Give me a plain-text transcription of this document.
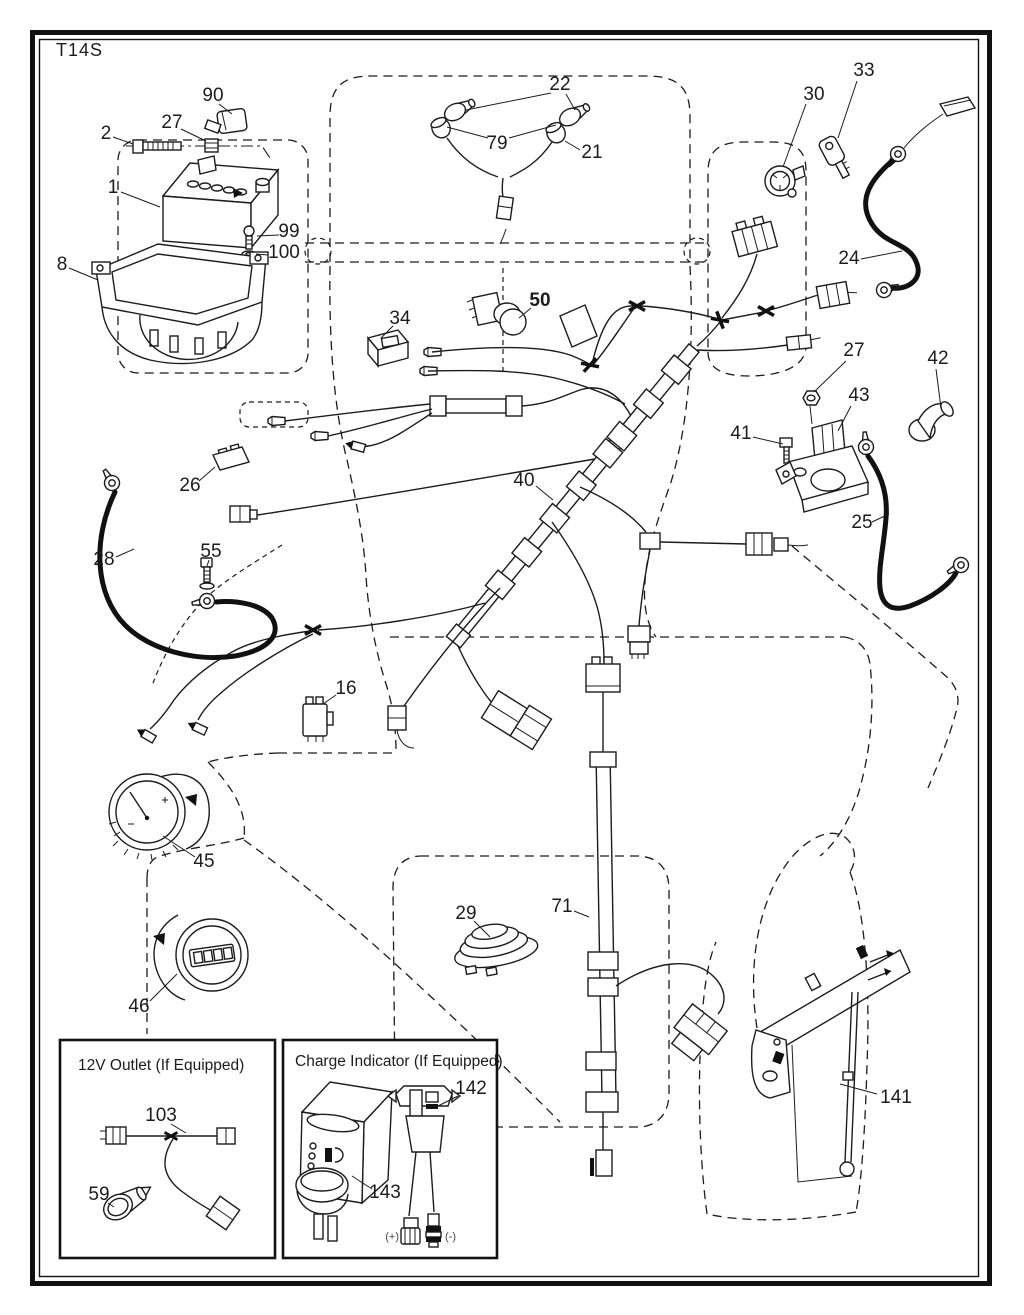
T14S
90
2
27
1
99
100
8
22
79	21
30
33
24
34
50
26	40
28	55
16
45
46
29	71
27	42
43
41
25
141
12V Outlet (If Equipped)
59
103
Charge Indicator (If Equipped)
(+)	(-)
142
143
